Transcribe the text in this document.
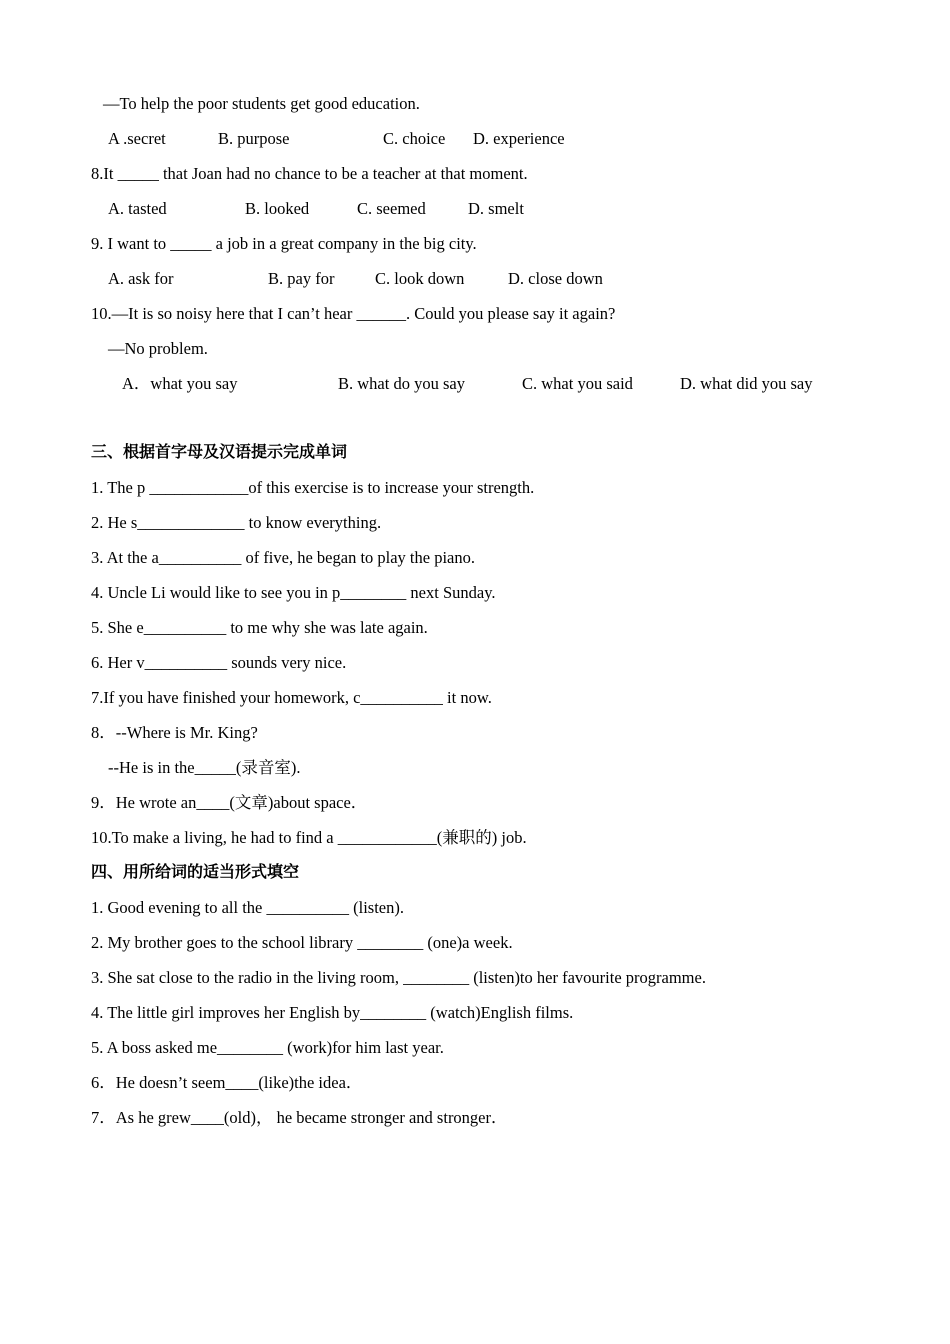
—To help the poor students get good education.

A .secret	B. purpose	C. choice	D. experience

8.It _____ that Joan had no chance to be a teacher at that moment.

A. tasted	B. looked	C. seemed	D. smelt

9. I want to _____ a job in a great company in the big city.

A. ask for	B. pay for	C. look down	D. close down

10.—It is so noisy here that I can’t hear ______. Could you please say it again?

—No problem.

A．what you say	B. what do you say	C. what you said	D. what did you say

三、根据首字母及汉语提示完成单词

1. The p ____________of this exercise is to increase your strength.

2. He s_____________ to know everything.

3. At the a__________ of five, he began to play the piano.

4. Uncle Li would like to see you in p________ next Sunday.

5. She e__________ to me why she was late again.

6. Her v__________ sounds very nice.

7.If you have finished your homework, c__________ it now.

8．--Where is Mr. King?

--He is in the_____(录音室).

9．He wrote an____(文章)about space．

10.To make a living, he had to find a ____________(兼职的) job.

四、用所给词的适当形式填空

1. Good evening to all the __________ (listen).

2. My brother goes to the school library ________ (one)a week.

3. She sat close to the radio in the living room, ________ (listen)to her favourite programme.

4. The little girl improves her English by________ (watch)English films.

5. A boss asked me________ (work)for him last year.

6．He doesn’t seem____(like)the idea．

7．As he grew____(old)， he became stronger and stronger．
